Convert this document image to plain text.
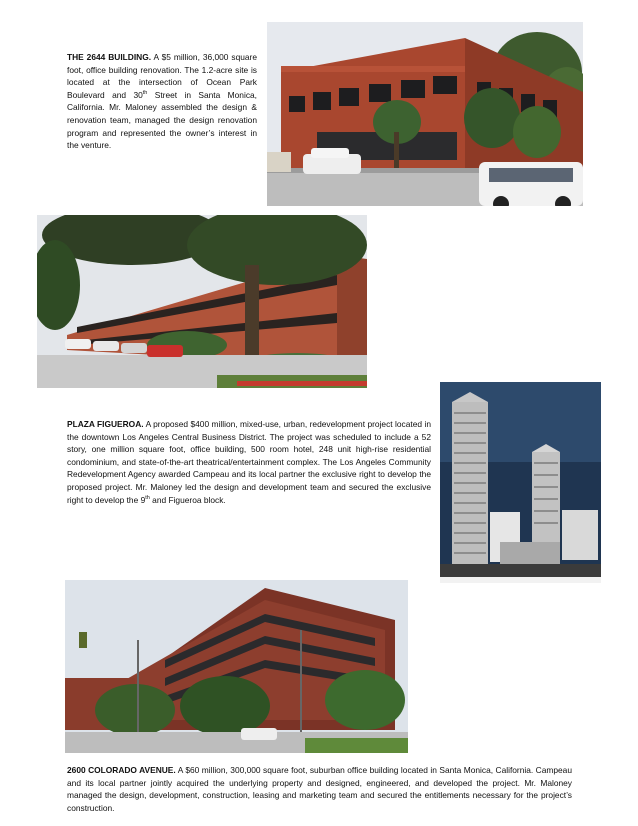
THE 2644 BUILDING. A $5 million, 36,000 square foot, office building renovation. The 1.2-acre site is located at the intersection of Ocean Park Boulevard and 30th Street in Santa Monica, California. Mr. Maloney assembled the design & renovation team, managed the design renovation program and represented the owner’s interest in the venture.

PLAZA FIGUEROA. A proposed $400 million, mixed-use, urban, redevelopment project located in the downtown Los Angeles Central Business District. The project was scheduled to include a 52 story, one million square foot, office building, 500 room hotel, 248 unit high-rise residential condominium, and state-of-the-art theatrical/entertainment complex. The Los Angeles Community Redevelopment Agency awarded Campeau and its local partner the exclusive right to develop the proposed project. Mr. Maloney led the design and development team and secured the exclusive right to develop the 9th and Figueroa block.

2600 COLORADO AVENUE. A $60 million, 300,000 square foot, suburban office building located in Santa Monica, California. Campeau and its local partner jointly acquired the underlying property and designed, engineered, and developed the project. Mr. Maloney managed the design, development, construction, leasing and marketing team and secured the entitlements necessary for the project’s construction.
